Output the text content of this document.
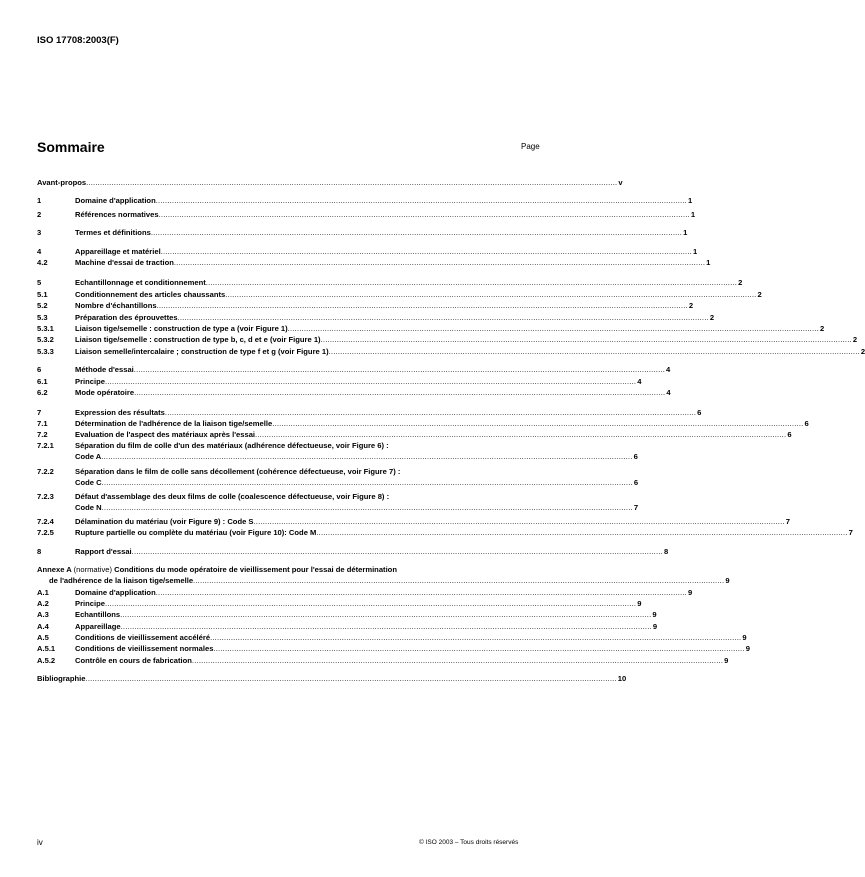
ISO 17708:2003(F)
Sommaire	Page
Avant-propos .....	v
1	Domaine d'application .....	1
2	Références normatives .....	1
3	Termes et définitions .....	1
4	Appareillage et matériel .....	1
4.2	Machine d'essai de traction .....	1
5	Echantillonnage et conditionnement .....	2
5.1	Conditionnement des articles chaussants .....	2
5.2	Nombre d'échantillons .....	2
5.3	Préparation des éprouvettes .....	2
5.3.1	Liaison tige/semelle : construction de type a (voir Figure 1) .....	2
5.3.2	Liaison tige/semelle : construction de type b, c, d et e (voir Figure 1) .....	2
5.3.3	Liaison semelle/intercalaire ; construction de type f et g (voir Figure 1) .....	2
6	Méthode d'essai .....	4
6.1	Principe .....	4
6.2	Mode opératoire .....	4
7	Expression des résultats .....	6
7.1	Détermination de l'adhérence de la liaison tige/semelle .....	6
7.2	Evaluation de l'aspect des matériaux après l'essai .....	6
7.2.1	Séparation du film de colle d'un des matériaux (adhérence défectueuse, voir Figure 6) :
Code A .....	6
7.2.2	Séparation dans le film de colle sans décollement (cohérence défectueuse, voir Figure 7) :
Code C .....	6
7.2.3	Défaut d'assemblage des deux films de colle (coalescence défectueuse, voir Figure 8) :
Code N .....	7
7.2.4	Délamination du matériau (voir Figure 9) : Code S .....	7
7.2.5	Rupture partielle ou complète du matériau (voir Figure 10): Code M .....	7
8	Rapport d'essai .....	8
Annexe A (normative) Conditions du mode opératoire de vieillissement pour l'essai de détermination
de l'adhérence de la liaison tige/semelle .....	9
A.1	Domaine d'application .....	9
A.2	Principe .....	9
A.3	Echantillons .....	9
A.4	Appareillage .....	9
A.5	Conditions de vieillissement accéléré .....	9
A.5.1	Conditions de vieillissement normales .....	9
A.5.2	Contrôle en cours de fabrication .....	9
Bibliographie .....	10
iv	© ISO 2003 – Tous droits réservés
